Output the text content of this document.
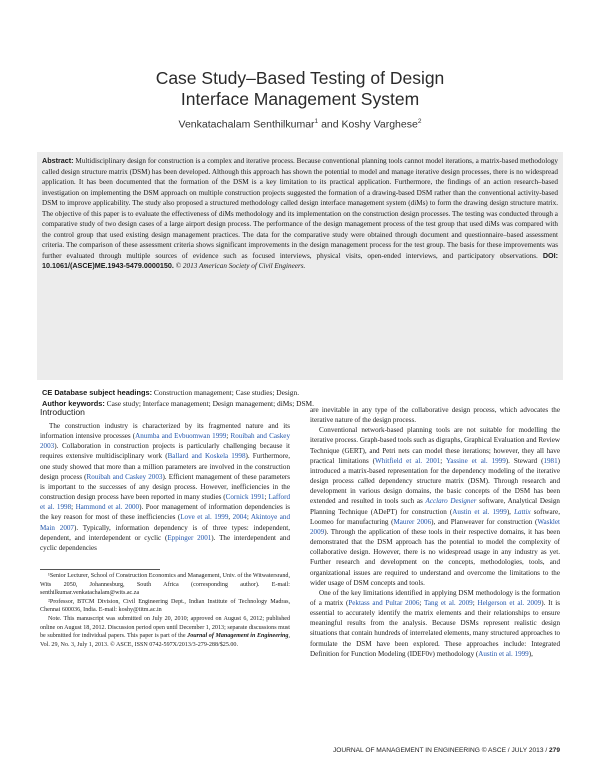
Case Study–Based Testing of Design
Interface Management System
Venkatachalam Senthilkumar$^1$ and Koshy Varghese$^2$
Abstract: Multidisciplinary design for construction is a complex and iterative process. Because conventional planning tools cannot model iterations, a matrix-based methodology called design structure matrix (DSM) has been developed. Although this approach has shown the potential to model and manage iterative design processes, there is no widespread application. It has been documented that the formation of the DSM is a key limitation to its practical application. Furthermore, the findings of an action research–based investigation on implementing the DSM approach on multiple construction projects suggested the formation of a drawing-based DSM rather than the conventional activity-based DSM to improve applicability. The study also proposed a structured methodology called design interface management system (diMs) to form the drawing design structure matrix. The objective of this paper is to evaluate the effectiveness of diMs methodology and its implementation on the construction design processes. The testing was conducted through a comparative study of two design cases of a large airport design process. The performance of the design management process of the test group that used diMs was compared with the control group that used existing design management practices. The data for the comparative study were obtained through document and questionnaire–based assessment criteria. The comparison of these assessment criteria shows significant improvements in the design management process for the test group. The basis for these improvements was further evaluated through multiple sources of evidence such as focused interviews, physical visits, open-ended interviews, and participatory observations. DOI: 10.1061/(ASCE)ME.1943-5479.0000150. © 2013 American Society of Civil Engineers.
CE Database subject headings: Construction management; Case studies; Design.
Author keywords: Case study; Interface management; Design management; diMs; DSM.
Introduction

The construction industry is characterized by its fragmented nature and its information intensive processes (Anumba and Evbuomwan 1999; Rouibah and Caskey 2003). Collaboration in construction projects is particularly challenging because it requires extensive multidisciplinary work (Ballard and Koskela 1998). Furthermore, one study showed that more than a million parameters are involved in the construction design process (Rouibah and Caskey 2003). Efficient management of these parameters is important to the successes of any design process. However, inefficiencies in the construction design process have been reported in many studies (Cornick 1991; Lafford et al. 1998; Hammond et al. 2000). Poor management of information dependencies is the key reason for most of these inefficiencies (Love et al. 1999, 2004; Akintoye and Main 2007). Typically, information dependency is of three types: independent, dependent, and interdependent or cyclic (Eppinger 2001). The interdependent and cyclic dependencies

are inevitable in any type of the collaborative design process, which advocates the iterative nature of the design process.

Conventional network-based planning tools are not suitable for modelling the iterative process. Graph-based tools such as digraphs, Graphical Evaluation and Review Technique (GERT), and Petri nets can model these iterations; however, they all have practical limitations (Whitfield et al. 2001; Yassine et al. 1999). Steward (1981) introduced a matrix-based representation for the dependency modeling of the iterative design process called dependency structure matrix (DSM). Through research and development in various design domains, the basic concepts of the DSM has been extended and resulted in tools such as Acclaro Designer software, Analytical Design Planning Technique (ADePT) for construction (Austin et al. 1999), Lattix software, Loomeo for manufacturing (Maurer 2006), and Planweaver for construction (Wasklet 2009). Through the application of these tools in their respective domains, it has been demonstrated that the DSM approach has the potential to model the complexity of collaborative design. However, there is no widespread usage in any industry as yet. Further research and development on the concepts, methodologies, tools, and organizational issues are required to understand and overcome the limitations to the wider usage of DSM concepts and tools.

One of the key limitations identified in applying DSM methodology is the formation of a matrix (Pektass and Pultar 2006; Tang et al. 2009; Helgerson et al. 2009). It is essential to accurately identify the matrix elements and their relationships to ensure meaningful results from the analysis. Because DSMs represent realistic design situations that contain hundreds of interrelated elements, many structured approaches to formulate the DSM have been explored. These approaches include: Integrated Definition for Function Modeling (IDEF0v) methodology (Austin et al. 1999),

¹Senior Lecturer, School of Construction Economics and Management, Univ. of the Witwatersrand, Wits 2050, Johannesburg, South Africa (corresponding author). E-mail: senthilkumar.venkatachalam@wits.ac.za

²Professor, BTCM Division, Civil Engineering Dept., Indian Institute of Technology Madras, Chennai 600036, India. E-mail: koshy@iitm.ac.in

Note. This manuscript was submitted on July 20, 2010; approved on August 6, 2012; published online on August 18, 2012. Discussion period open until December 1, 2013; separate discussions must be submitted for individual papers. This paper is part of the Journal of Management in Engineering, Vol. 29, No. 3, July 1, 2013. © ASCE, ISSN 0742-597X/2013/3-279-288/$25.00.

JOURNAL OF MANAGEMENT IN ENGINEERING © ASCE / JULY 2013 / 279
